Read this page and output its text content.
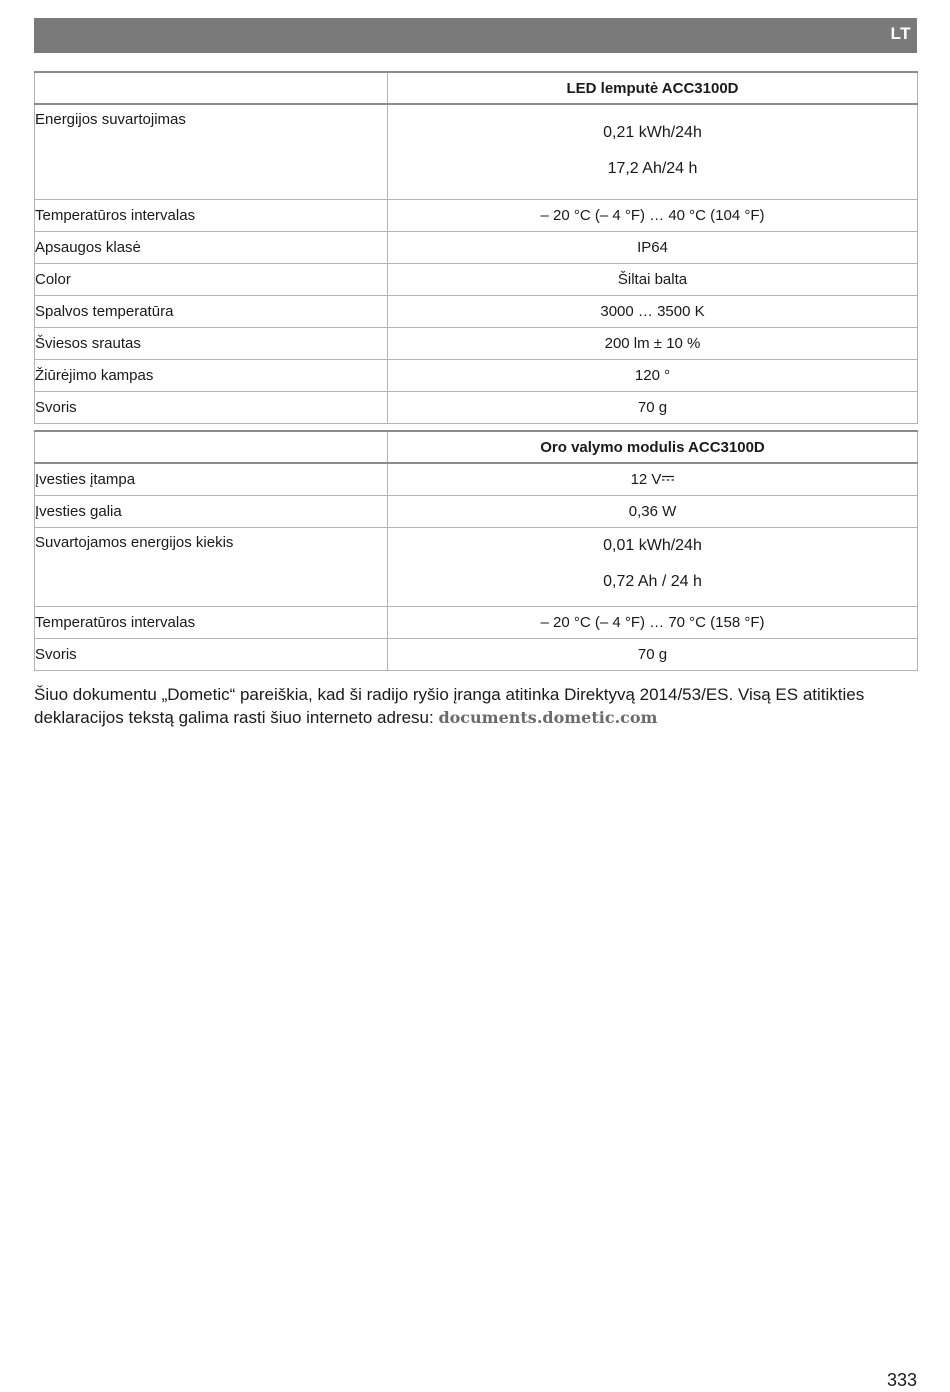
LT
	LED lemputė ACC3100D
Energijos suvartojimas	0,21 kWh/24h
17,2 Ah/24 h

Temperatūros intervalas	– 20 °C (– 4 °F) … 40 °C (104 °F)
Apsaugos klasė	IP64
Color	Šiltai balta
Spalvos temperatūra	3000 … 3500 K
Šviesos srautas	200 lm ± 10 %
Žiūrėjimo kampas	120 °
Svoris	70 g
	Oro valymo modulis ACC3100D
Įvesties įtampa	12 V
Įvesties galia	0,36 W
Suvartojamos energijos kiekis	0,01 kWh/24h
0,72 Ah / 24 h

Temperatūros intervalas	– 20 °C (– 4 °F) … 70 °C (158 °F)
Svoris	70 g

Šiuo dokumentu „Dometic“ pareiškia, kad ši radijo ryšio įranga atitinka Direktyvą 2014/53/ES. Visą ES atitikties deklaracijos tekstą galima rasti šiuo interneto adresu: documents.dometic.com

333
